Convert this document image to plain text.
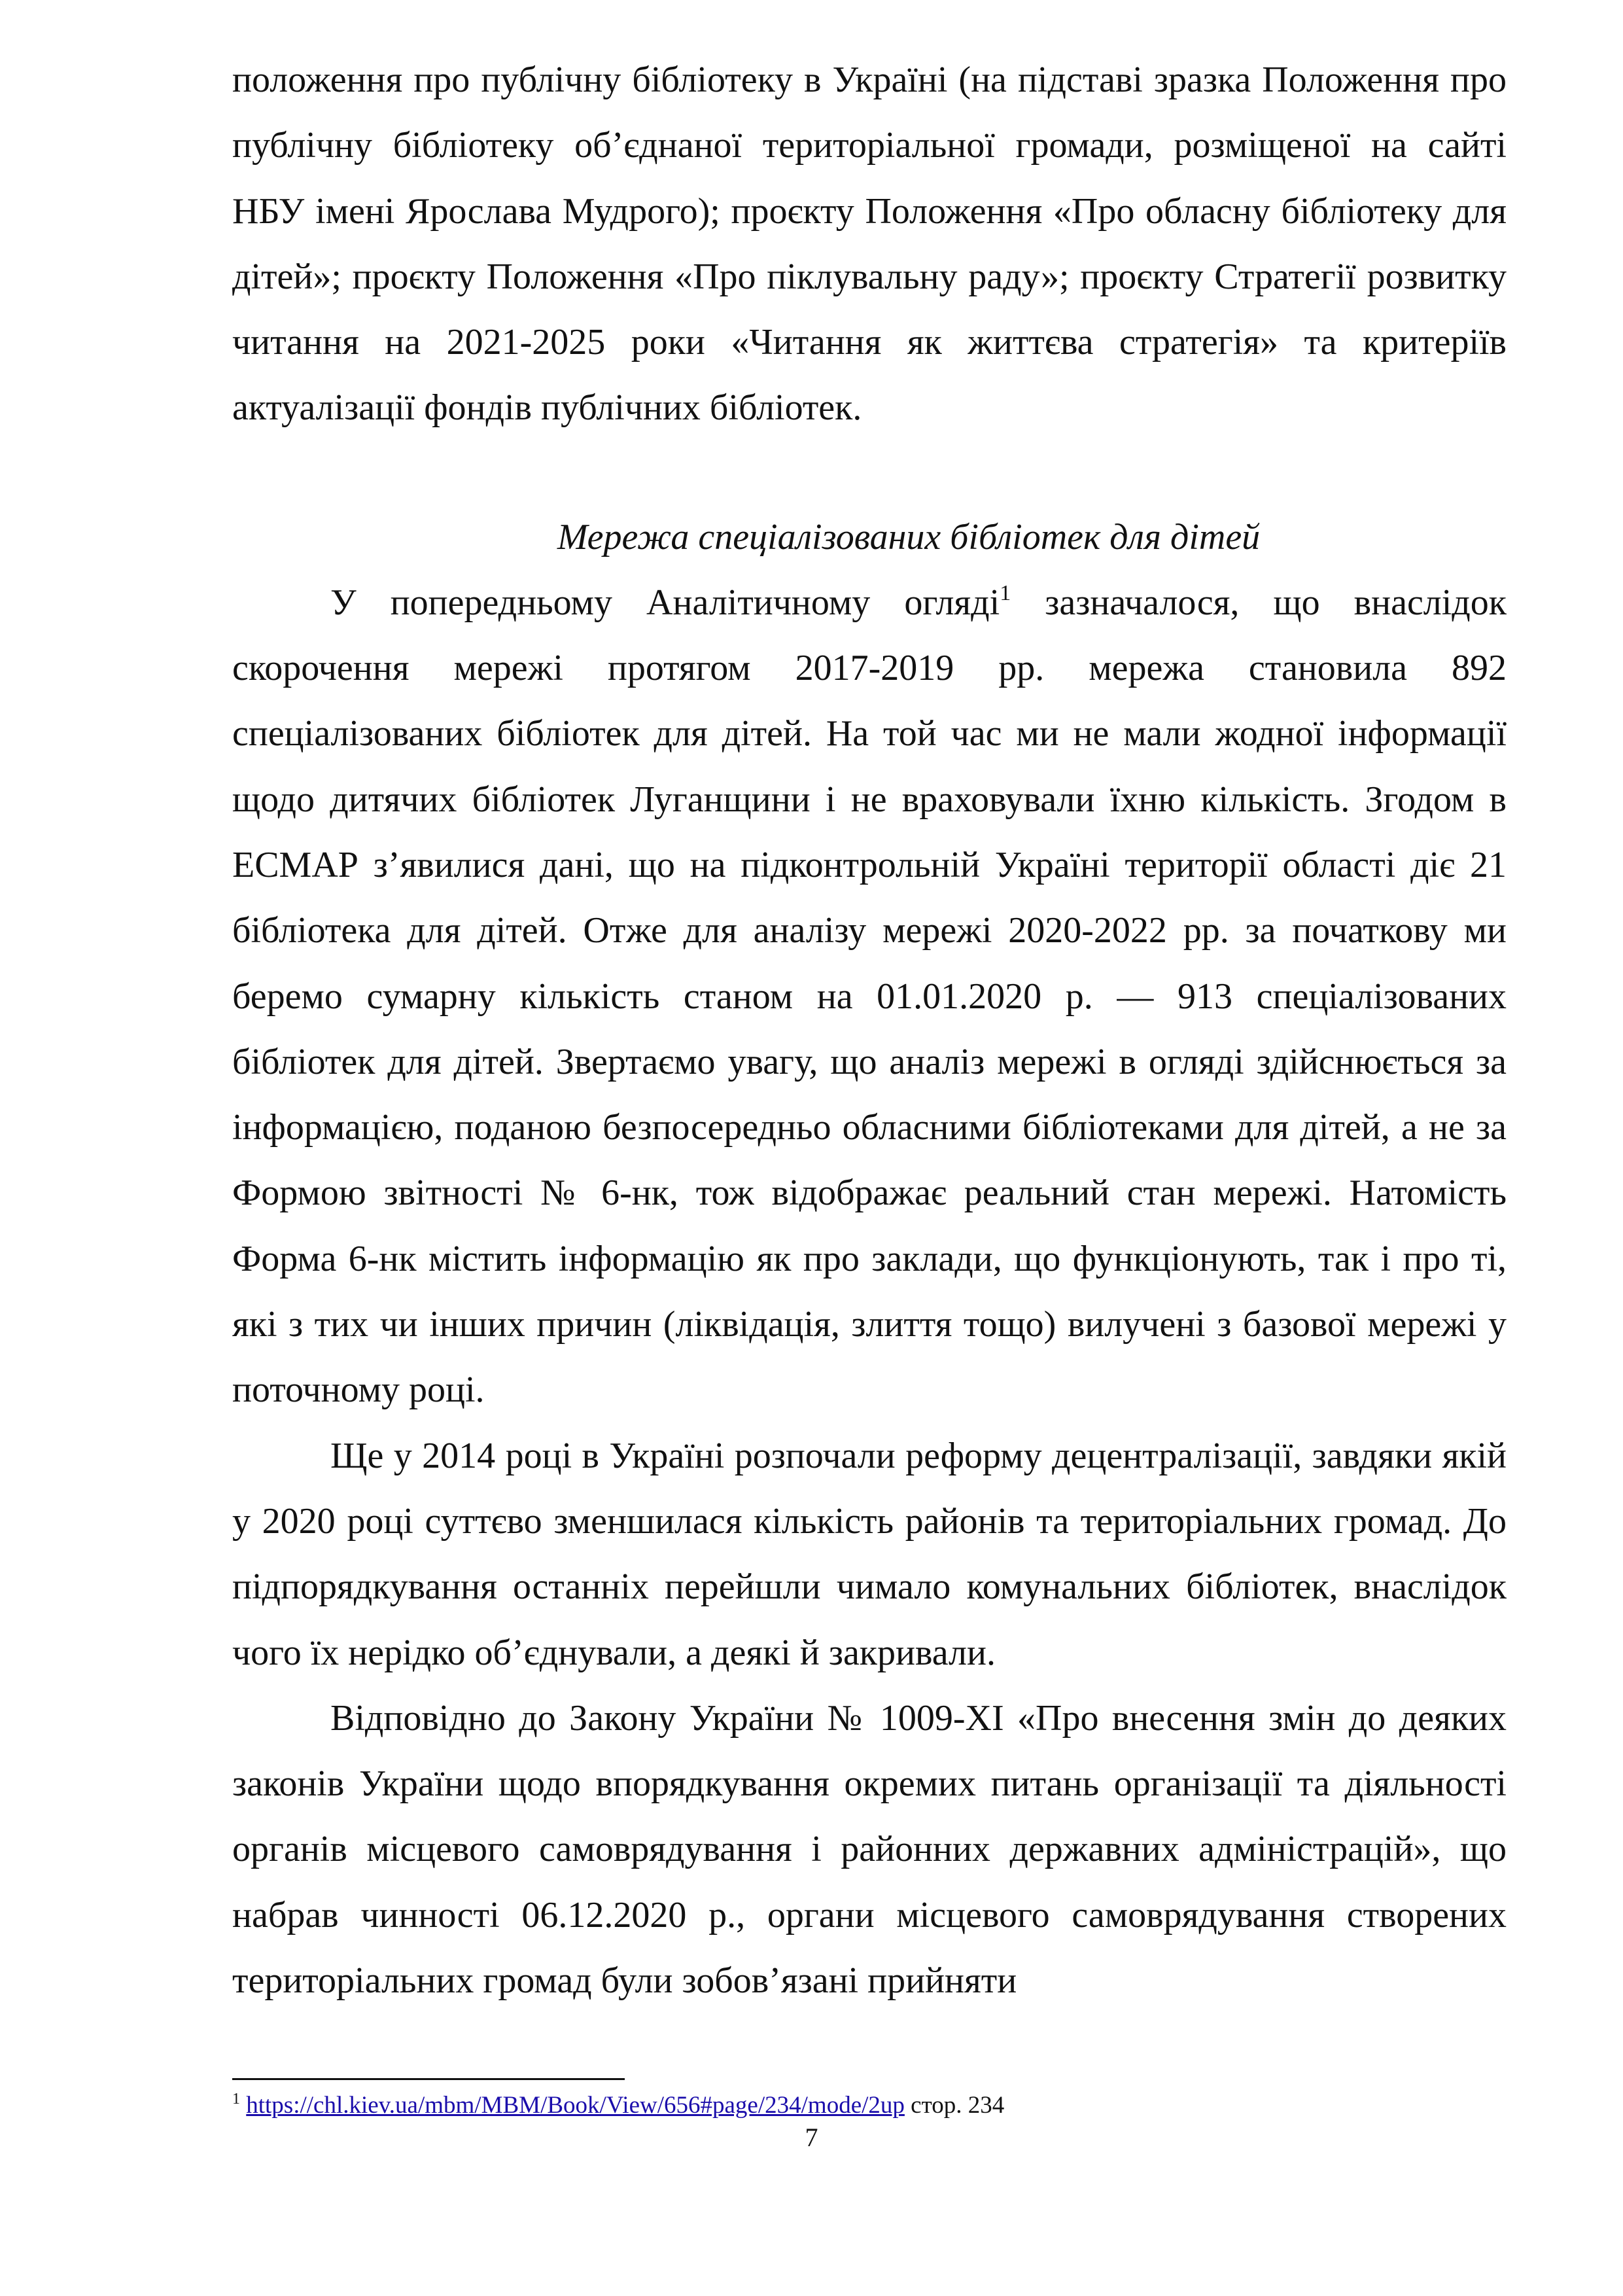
положення про публічну бібліотеку в Україні (на підставі зразка Положення про публічну бібліотеку об’єднаної територіальної громади, розміщеної на сайті НБУ імені Ярослава Мудрого); проєкту Положення «Про обласну бібліотеку для дітей»; проєкту Положення «Про піклувальну раду»; проєкту Стратегії розвитку читання на 2021-2025 роки «Читання як життєва стратегія» та критеріїв актуалізації фондів публічних бібліотек.

Мережа спеціалізованих бібліотек для дітей

У попередньому Аналітичному огляді$^1$ зазначалося, що внаслідок скорочення мережі протягом 2017-2019 рр. мережа становила 892 спеціалізованих бібліотек для дітей. На той час ми не мали жодної інформації щодо дитячих бібліотек Луганщини і не враховували їхню кількість. Згодом в ЕСМАР з’явилися дані, що на підконтрольній Україні території області діє 21 бібліотека для дітей. Отже для аналізу мережі 2020-2022 рр. за початкову ми беремо сумарну кількість станом на 01.01.2020 р. — 913 спеціалізованих бібліотек для дітей. Звертаємо увагу, що аналіз мережі в огляді здійснюється за інформацією, поданою безпосередньо обласними бібліотеками для дітей, а не за Формою звітності № 6-нк, тож відображає реальний стан мережі. Натомість Форма 6-нк містить інформацію як про заклади, що функціонують, так і про ті, які з тих чи інших причин (ліквідація, злиття тощо) вилучені з базової мережі у поточному році.

Ще у 2014 році в Україні розпочали реформу децентралізації, завдяки якій у 2020 році суттєво зменшилася кількість районів та територіальних громад. До підпорядкування останніх перейшли чимало комунальних бібліотек, внаслідок чого їх нерідко об’єднували, а деякі й закривали.

Відповідно до Закону України № 1009-ХІ «Про внесення змін до деяких законів України щодо впорядкування окремих питань організації та діяльності органів місцевого самоврядування і районних державних адміністрацій», що набрав чинності 06.12.2020 р., органи місцевого самоврядування створених територіальних громад були зобов’язані прийняти

$^1$ https://chl.kiev.ua/mbm/MBM/Book/View/656#page/234/mode/2up стор. 234
7
